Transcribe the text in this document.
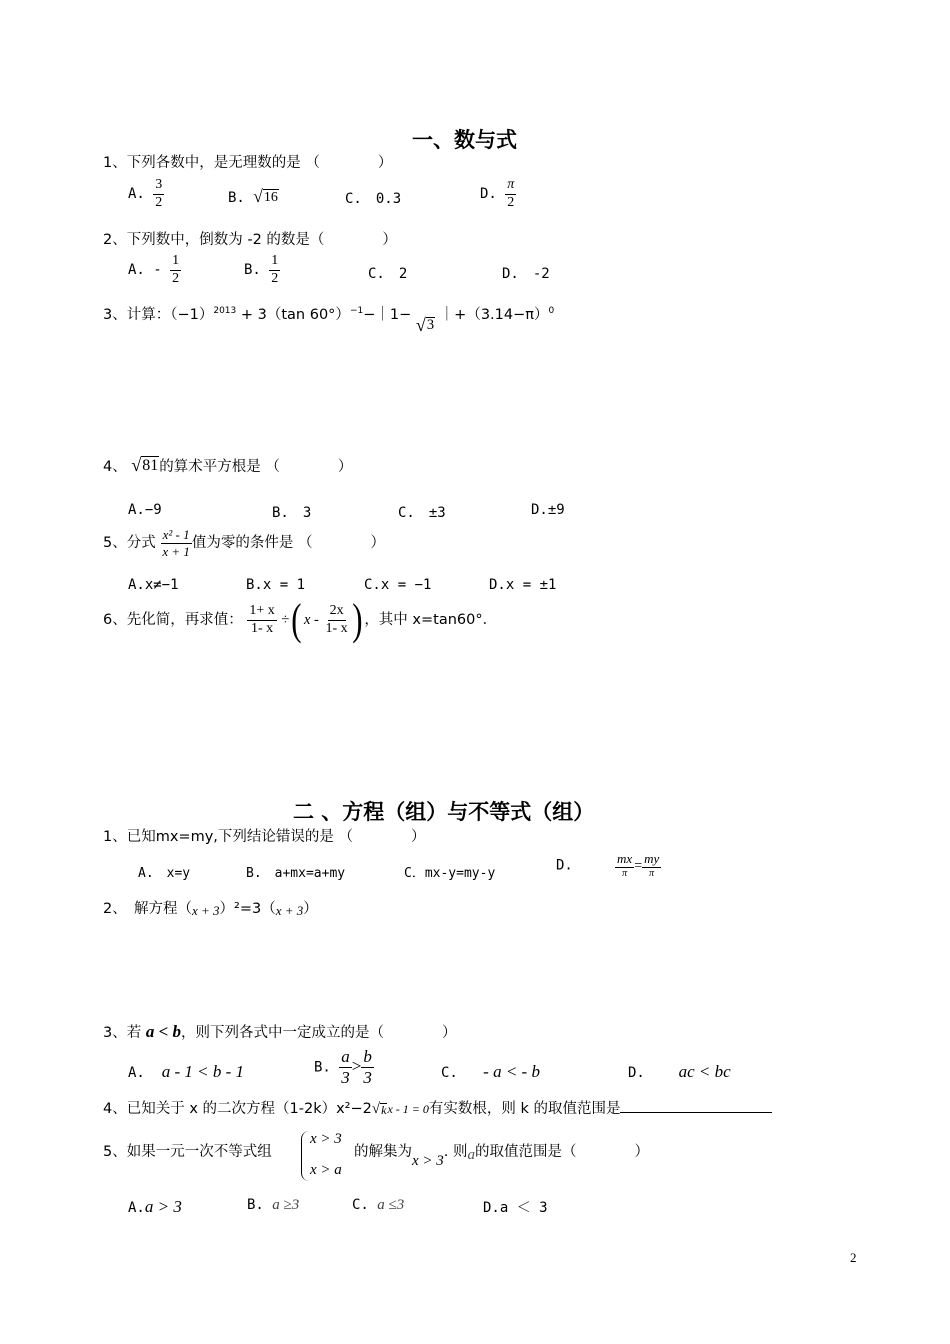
一、数与式
1、下列各数中，是无理数的是 （　　　　）
A. $\frac{3}{2}$	B. √ 16	C.　0.3	D. $\frac{\pi}{2}$
2、下列数中，倒数为 -2 的数是（　　　　）
A. - $\frac{1}{2}$	B. $\frac{1}{2}$	C.　2	D.　-2
3、计算：$(-1)^{2013} + 3(\tan$ 60°）$^{-1}$−｜1− √ 3
$|+(3.14-\pi)^0$
4、 √ 81 的算术平方根是 （　　　　）
A.−9	B.　3	C.　±3	D.±9
5、分式 $\frac{\text{x² - 1}}{x + 1}$ 值为零的条件是 （　　　　）
A.x≠−1	B.x = 1	C.x = −1	D.x = ±1
6、先化简，再求值： $\frac{1+ x}{1- x}$ ÷( x - $\frac{2x}{1- x}$ ) ，其中 x=tan60°．
二 、方程（组）与不等式（组）
1、已知mx=my,下列结论错误的是 （　　　　）
A.　x=y	B.　a+mx=a+my	C．mx-y=my-y	D.	$\frac{mx}{\pi} = \frac{my}{\pi}$
2、　解方程（x + 3）²=3（x + 3）
3、若 a < b，则下列各式中一定成立的是（　　　　）
A. a - 1 < b - 1	B. $\frac{a}{3} > \frac{b}{3}$	C. - a < - b	D. ac < bc
4、已知关于 x 的二次方程（1-2k）x²−2 √ k x - 1 = 0有实数根，则 k 的取值范围是
5、如果一元一次不等式组
x > 3
x > a
的解集为x > 3. 则a的取值范围是（　　　　）
A.a > 3	B. a ≥3	C. a ≤3	D.a ＜ 3
2
